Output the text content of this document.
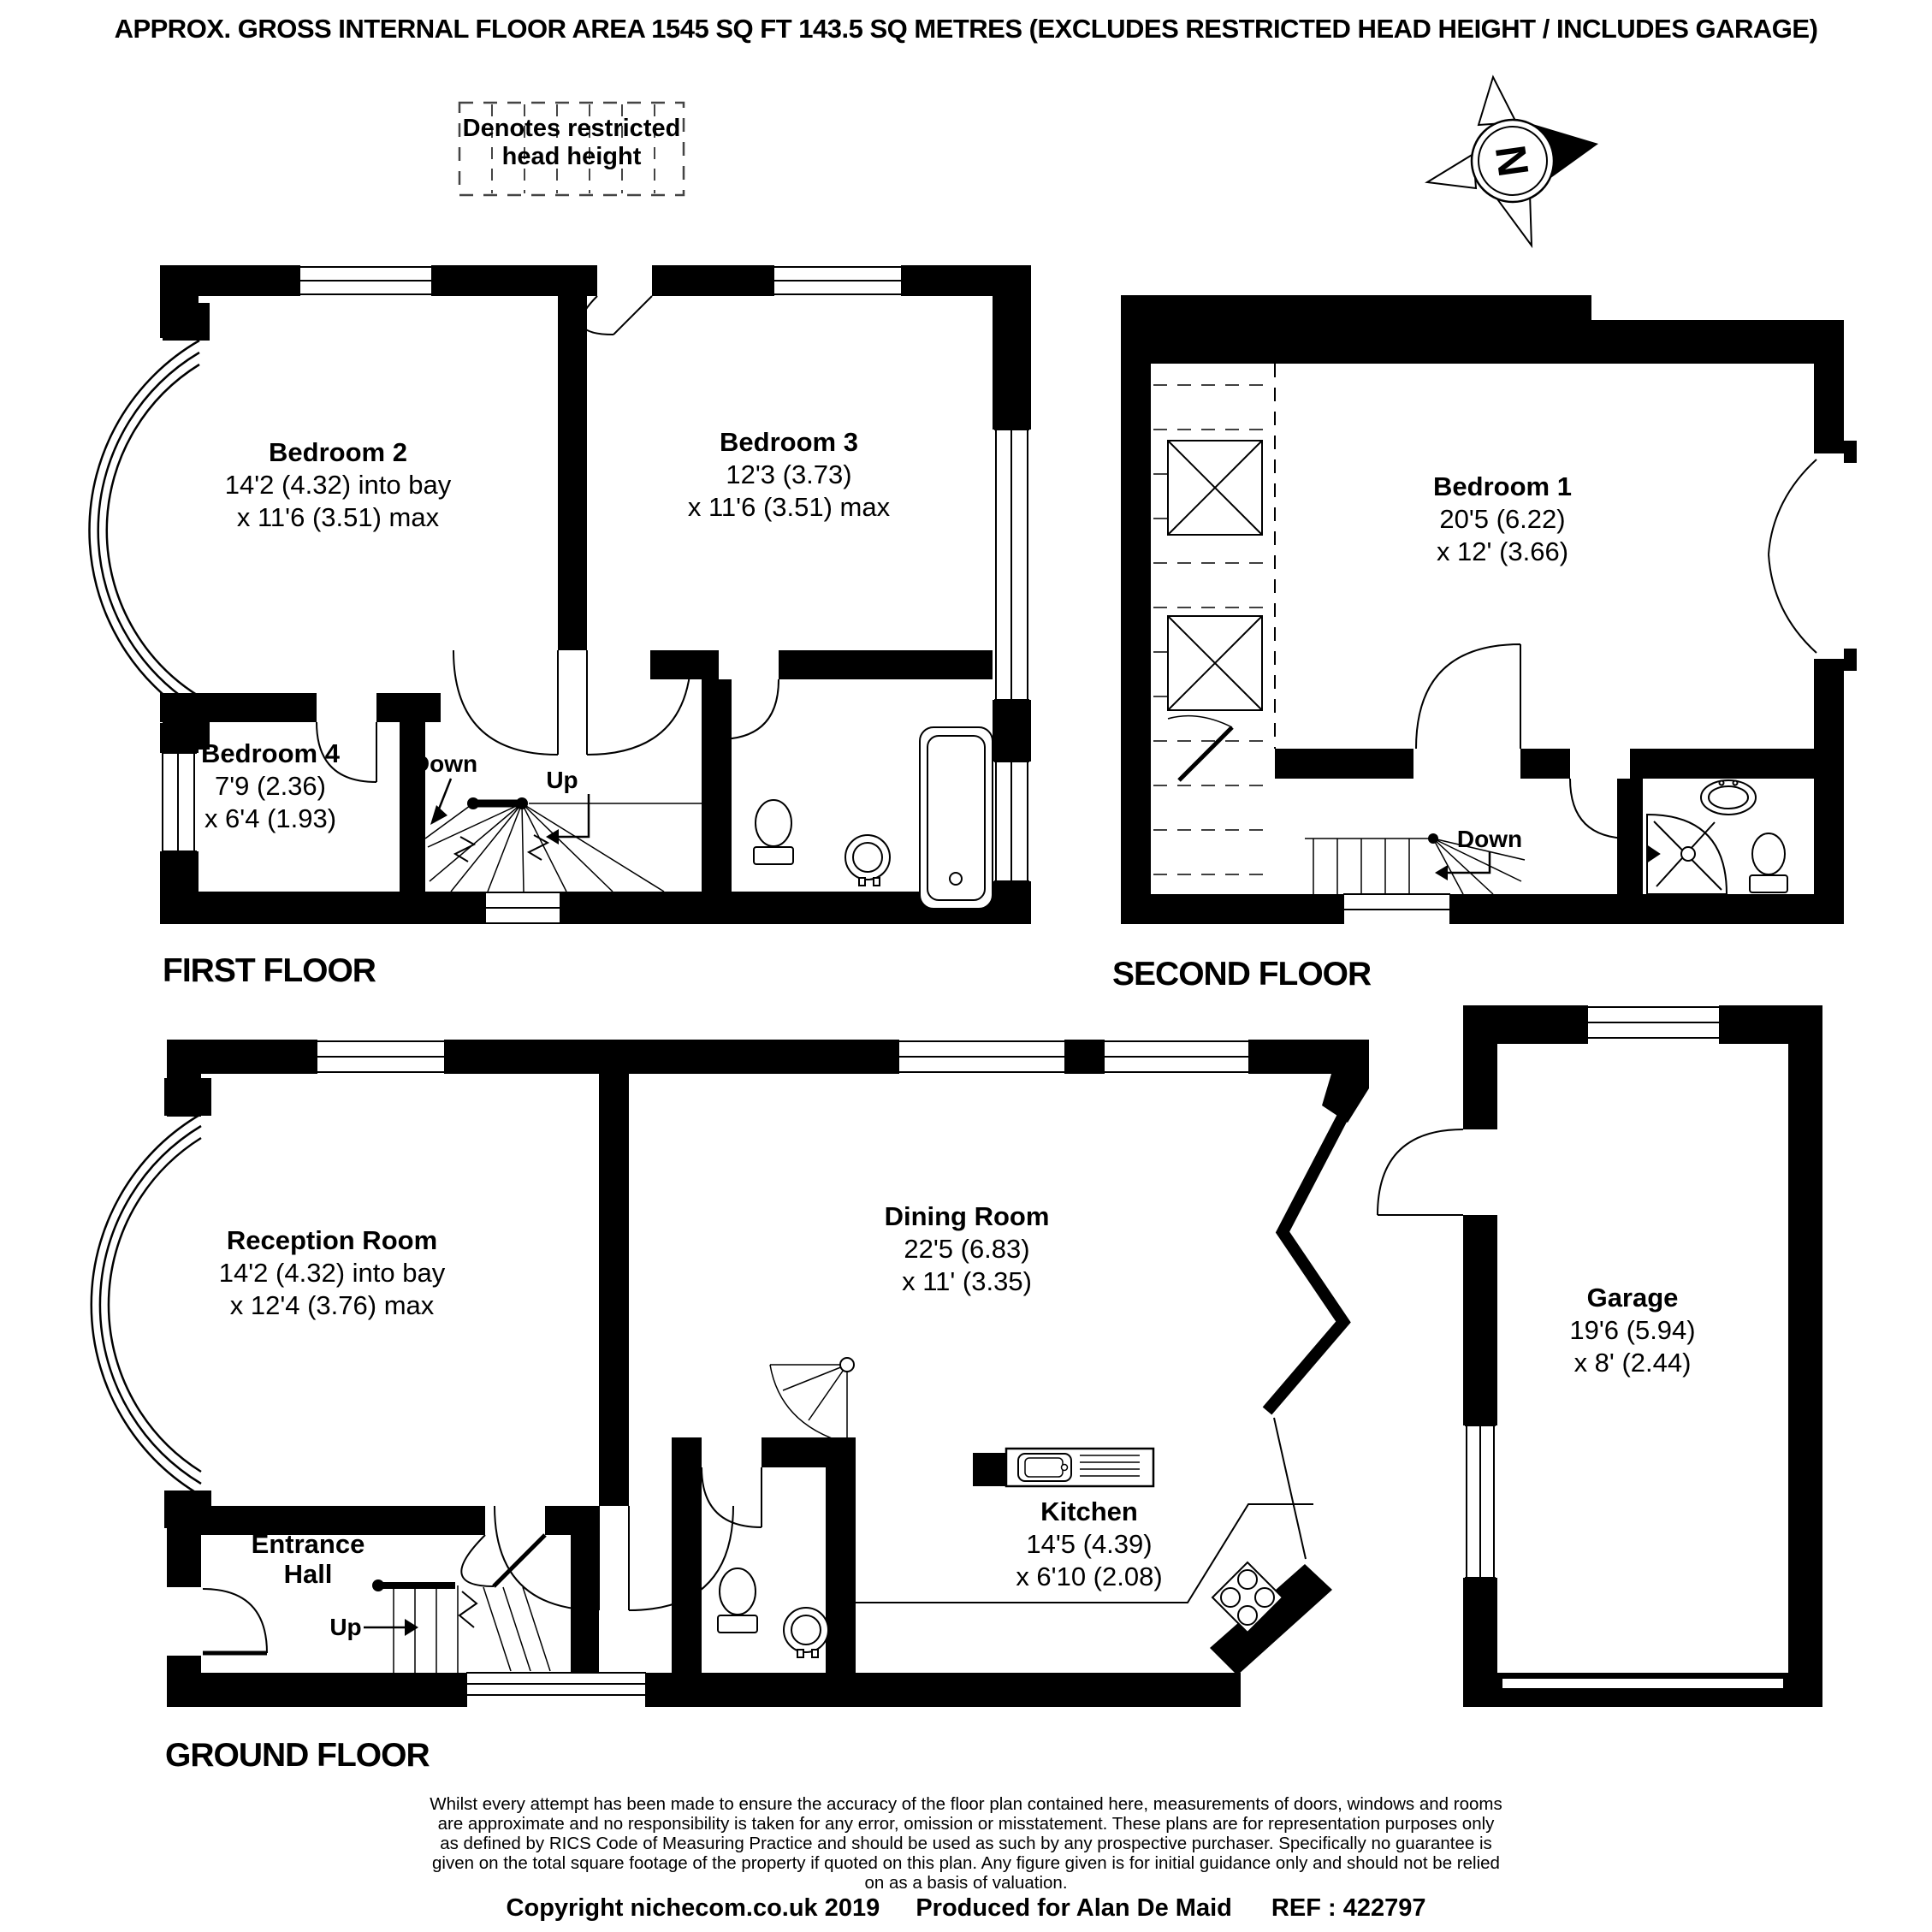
APPROX. GROSS INTERNAL FLOOR AREA 1545 SQ FT 143.5 SQ METRES (EXCLUDES RESTRICTED HEAD HEIGHT / INCLUDES GARAGE)
Denotes restricted
head height	N
Bedroom 2
14'2 (4.32) into bay
x 11'6 (3.51) max
Bedroom 3
12'3 (3.73)
x 11'6 (3.51) max
Bedroom 4
7'9 (2.36)
x 6'4 (1.93)
Down
Up
Bedroom 1
20'5 (6.22)
x 12' (3.66)
Down
Reception Room
14'2 (4.32) into bay
x 12'4 (3.76) max
Dining Room
22'5 (6.83)
x 11' (3.35)
Entrance
Hall
Kitchen
14'5 (4.39)
x 6'10 (2.08)
Garage
19'6 (5.94)
x 8' (2.44)
Up
FIRST FLOOR	SECOND FLOOR
GROUND FLOOR
Whilst every attempt has been made to ensure the accuracy of the floor plan contained here, measurements of doors, windows and rooms
are approximate and no responsibility is taken for any error, omission or misstatement. These plans are for representation purposes only
as defined by RICS Code of Measuring Practice and should be used as such by any prospective purchaser. Specifically no guarantee is
given on the total square footage of the property if quoted on this plan. Any figure given is for initial guidance only and should not be relied
on as a basis of valuation.
Copyright nichecom.co.uk 2019 Produced for Alan De Maid REF : 422797
